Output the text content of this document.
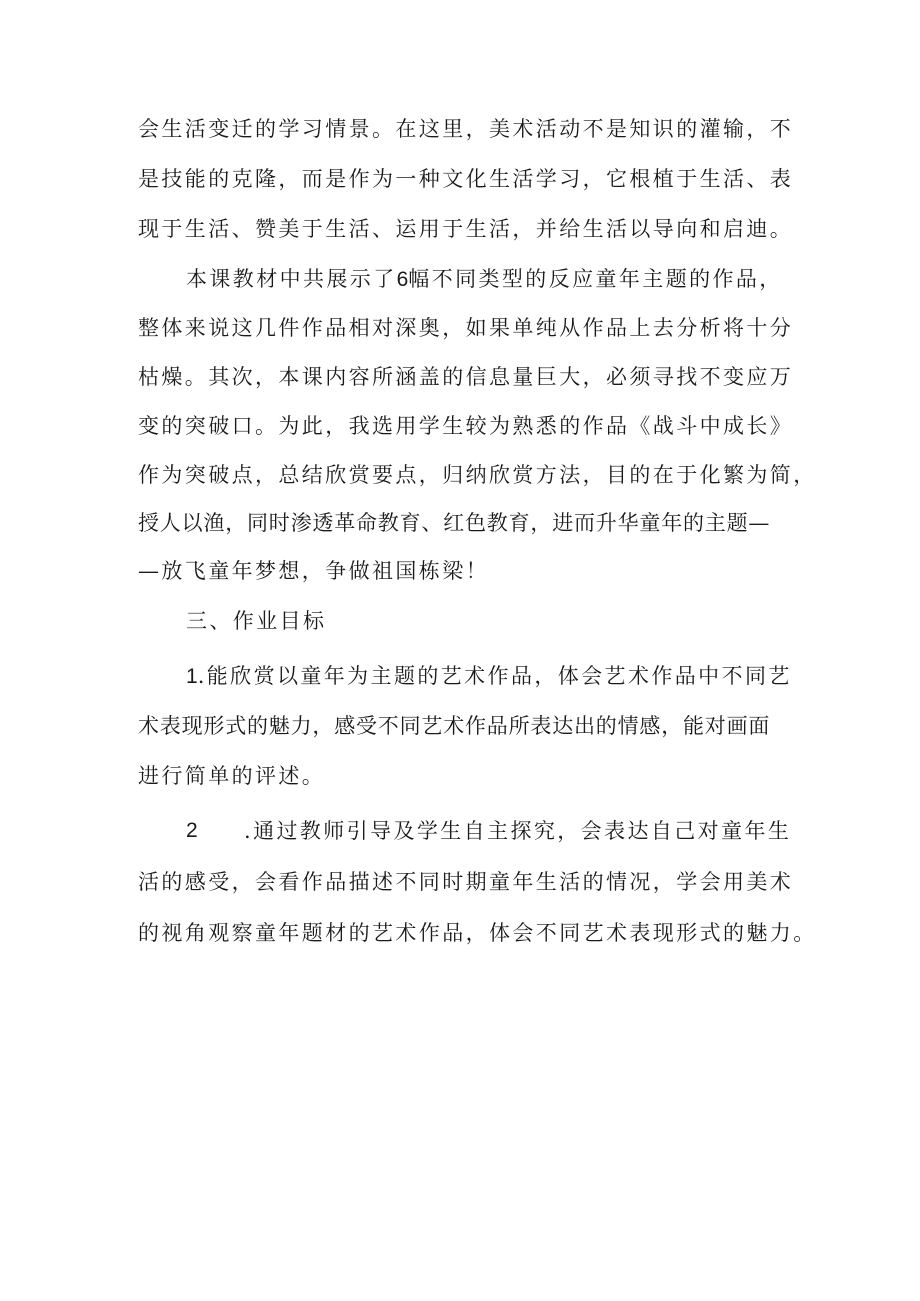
会生活变迁的学习情景。在这里，美术活动不是知识的灌输，不
是技能的克隆，而是作为一种文化生活学习，它根植于生活、表
现于生活、赞美于生活、运用于生活，并给生活以导向和启迪。
本课教材中共展示了6幅不同类型的反应童年主题的作品，
整体来说这几件作品相对深奥，如果单纯从作品上去分析将十分
枯燥。其次，本课内容所涵盖的信息量巨大，必须寻找不变应万
变的突破口。为此，我选用学生较为熟悉的作品《战斗中成长》
作为突破点，总结欣赏要点，归纳欣赏方法，目的在于化繁为简，
授人以渔，同时渗透革命教育、红色教育，进而升华童年的主题—
—放飞童年梦想，争做祖国栋梁！
三、作业目标
1.能欣赏以童年为主题的艺术作品，体会艺术作品中不同艺
术表现形式的魅力，感受不同艺术作品所表达出的情感，能对画面
进行简单的评述。
2 .通过教师引导及学生自主探究，会表达自己对童年生
活的感受，会看作品描述不同时期童年生活的情况，学会用美术
的视角观察童年题材的艺术作品，体会不同艺术表现形式的魅力。
